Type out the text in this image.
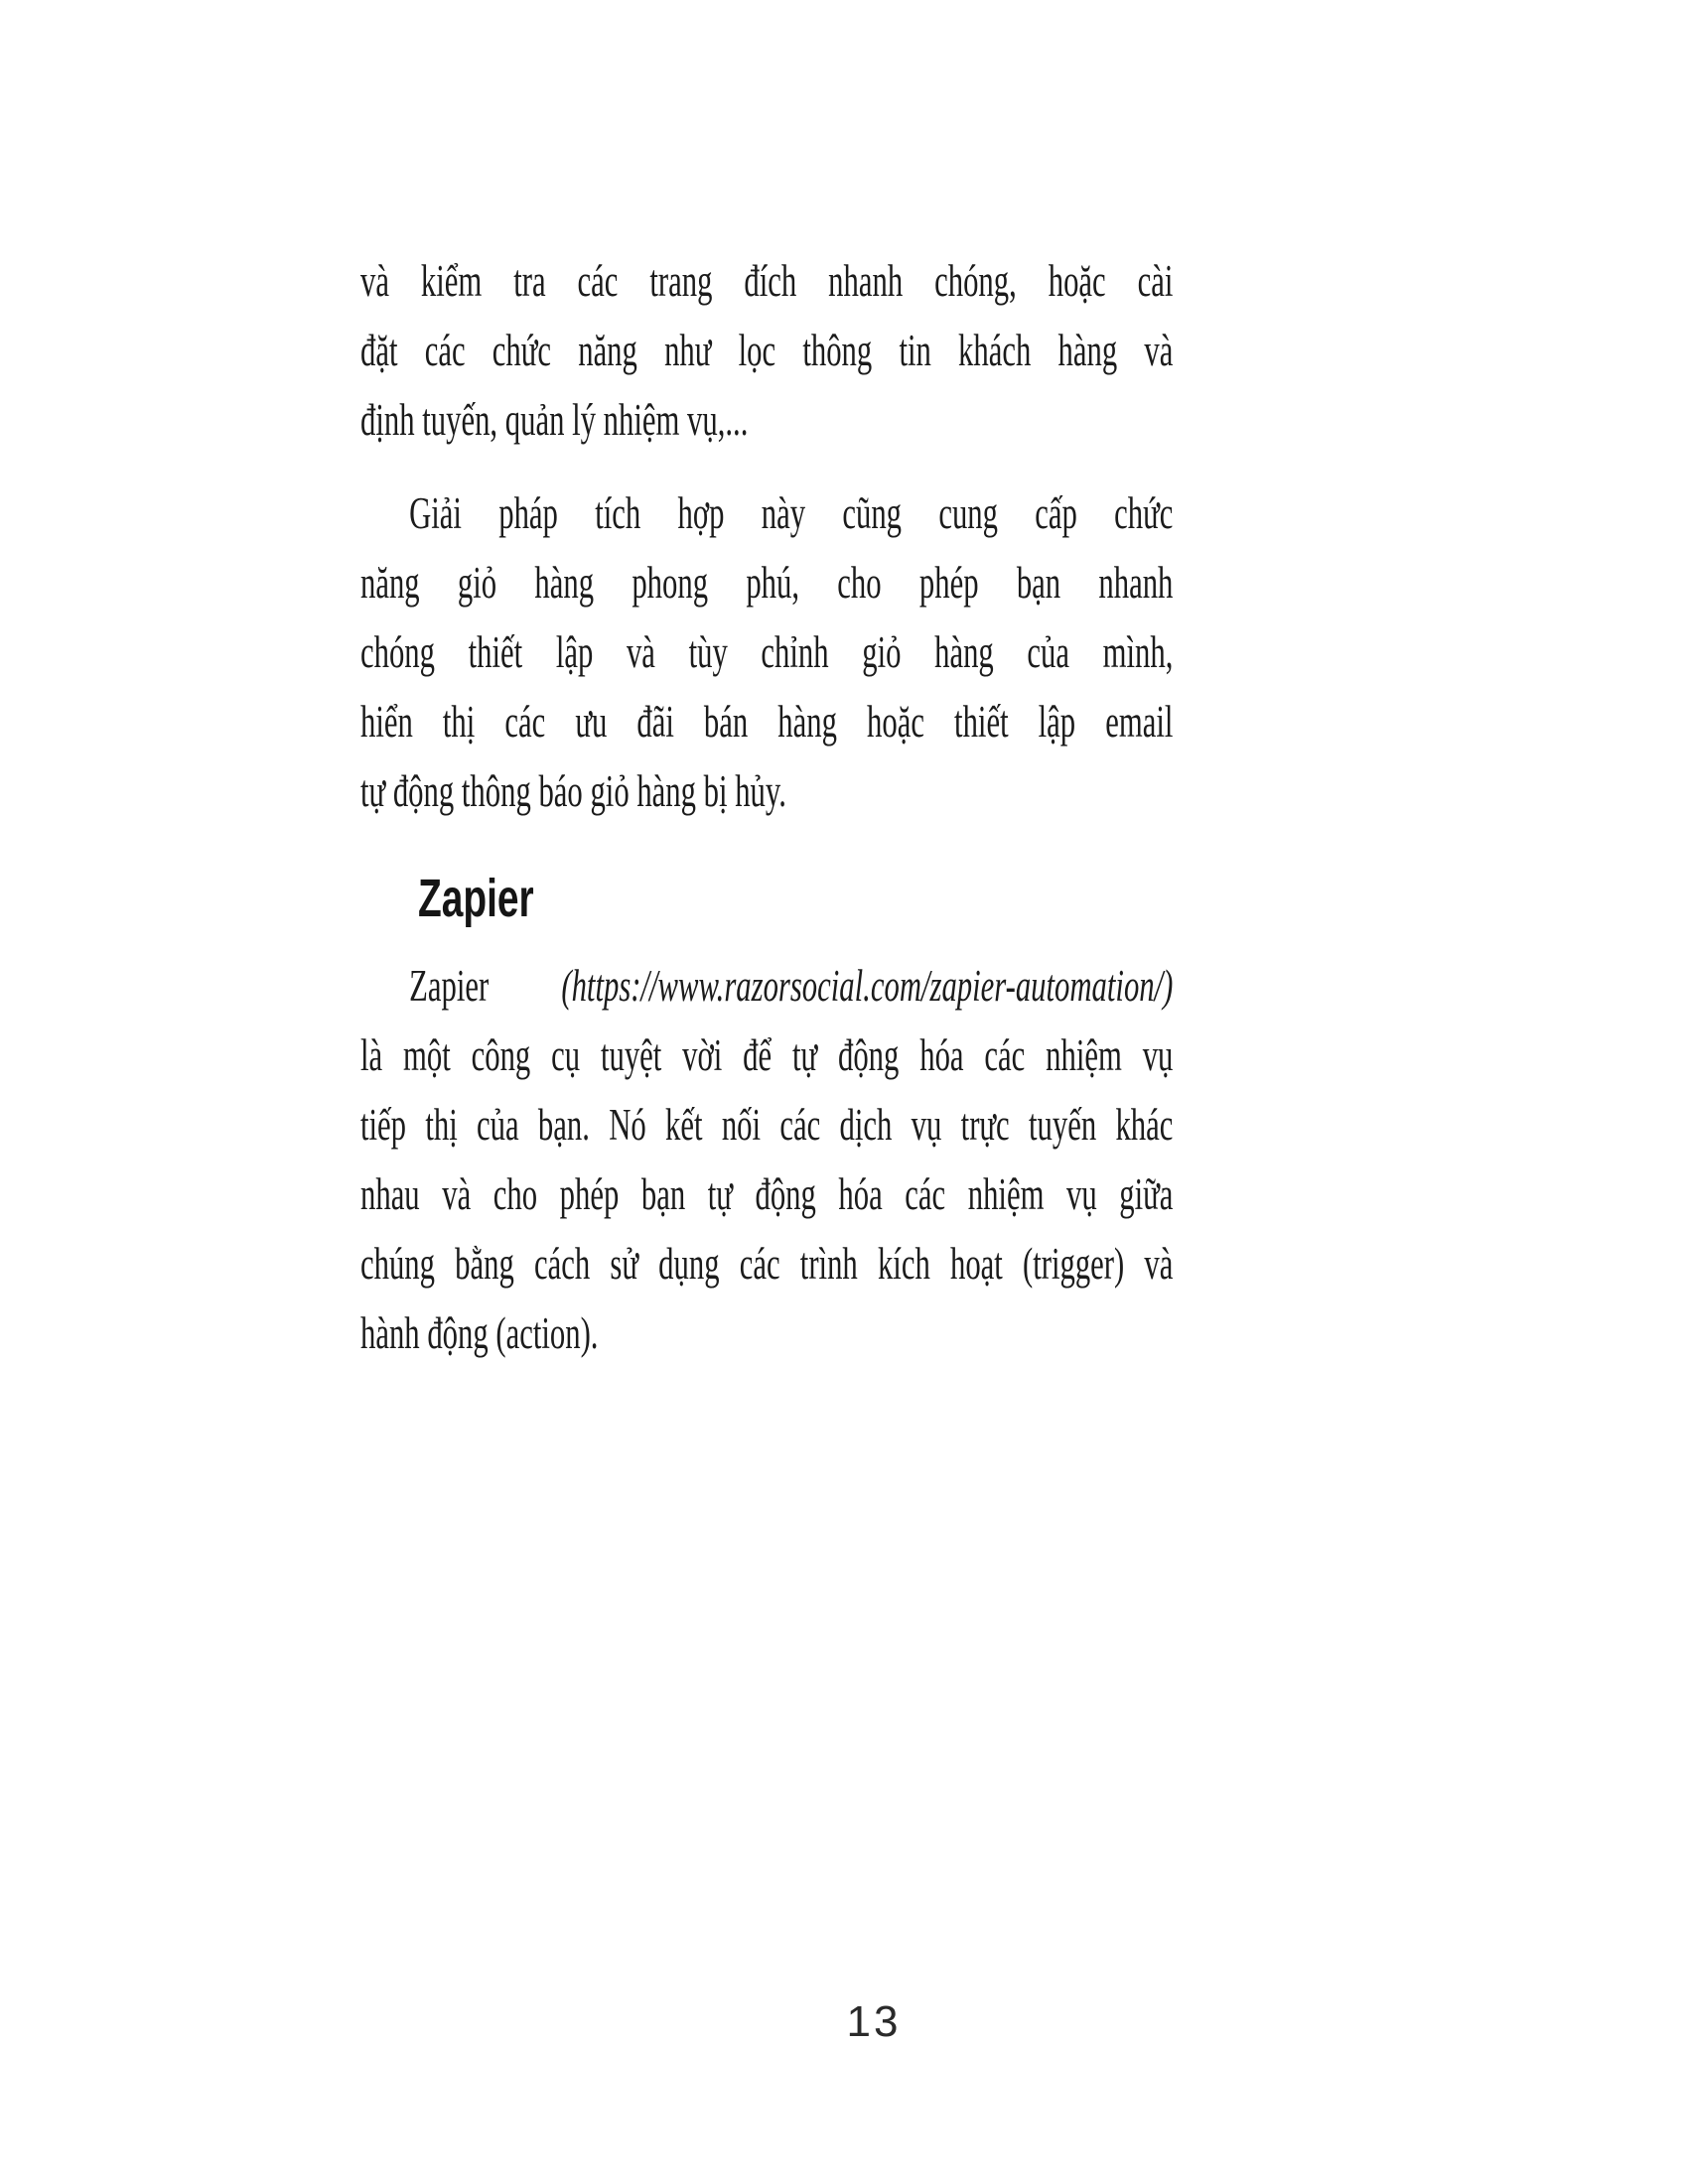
và kiểm tra các trang đích nhanh chóng, hoặc cài
đặt các chức năng như lọc thông tin khách hàng và
định tuyến, quản lý nhiệm vụ,...
Giải pháp tích hợp này cũng cung cấp chức
năng giỏ hàng phong phú, cho phép bạn nhanh
chóng thiết lập và tùy chỉnh giỏ hàng của mình,
hiển thị các ưu đãi bán hàng hoặc thiết lập email
tự động thông báo giỏ hàng bị hủy.
Zapier
Zapier (https://www.razorsocial.com/zapier-automation/)
là một công cụ tuyệt vời để tự động hóa các nhiệm vụ
tiếp thị của bạn. Nó kết nối các dịch vụ trực tuyến khác
nhau và cho phép bạn tự động hóa các nhiệm vụ giữa
chúng bằng cách sử dụng các trình kích hoạt (trigger) và
hành động (action).
13
